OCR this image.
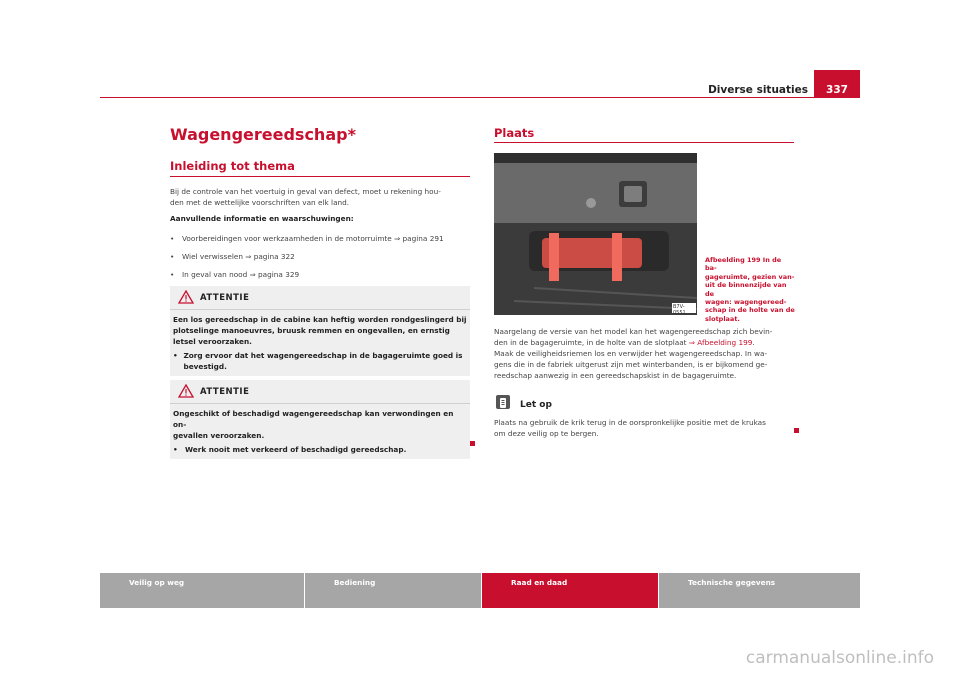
Diverse situaties	337
Wagengereedschap*
Inleiding tot thema
Bij de controle van het voertuig in geval van defect, moet u rekening hou-
den met de wettelijke voorschriften van elk land.
Aanvullende informatie en waarschuwingen:
• Voorbereidingen voor werkzaamheden in de motorruimte ⇒ pagina 291
• Wiel verwisselen ⇒ pagina 322
• In geval van nood ⇒ pagina 329
ATTENTIE
Een los gereedschap in de cabine kan heftig worden rondgeslingerd bij plotselinge manoeuvres, bruusk remmen en ongevallen, en ernstig letsel veroorzaken.
• Zorg ervoor dat het wagengereedschap in de bagageruimte goed is bevestigd.
ATTENTIE
Ongeschikt of beschadigd wagengereedschap kan verwondingen en on-
gevallen veroorzaken.
•	Werk nooit met verkeerd of beschadigd gereedschap.
Plaats
B7V-0551
Afbeelding 199 In de ba-
gageruimte, gezien van-
uit de binnenzijde van de
wagen: wagengereed-
schap in de holte van de
slotplaat.
Naargelang de versie van het model kan het wagengereedschap zich bevin-
den in de bagageruimte, in de holte van de slotplaat ⇒ Afbeelding 199.
Maak de veiligheidsriemen los en verwijder het wagengereedschap. In wa-
gens die in de fabriek uitgerust zijn met winterbanden, is er bijkomend ge-
reedschap aanwezig in een gereedschapskist in de bagageruimte.
Let op
Plaats na gebruik de krik terug in de oorspronkelijke positie met de krukas
om deze veilig op te bergen.
Veilig op weg	Bediening	Raad en daad	Technische gegevens
carmanualsonline.info
